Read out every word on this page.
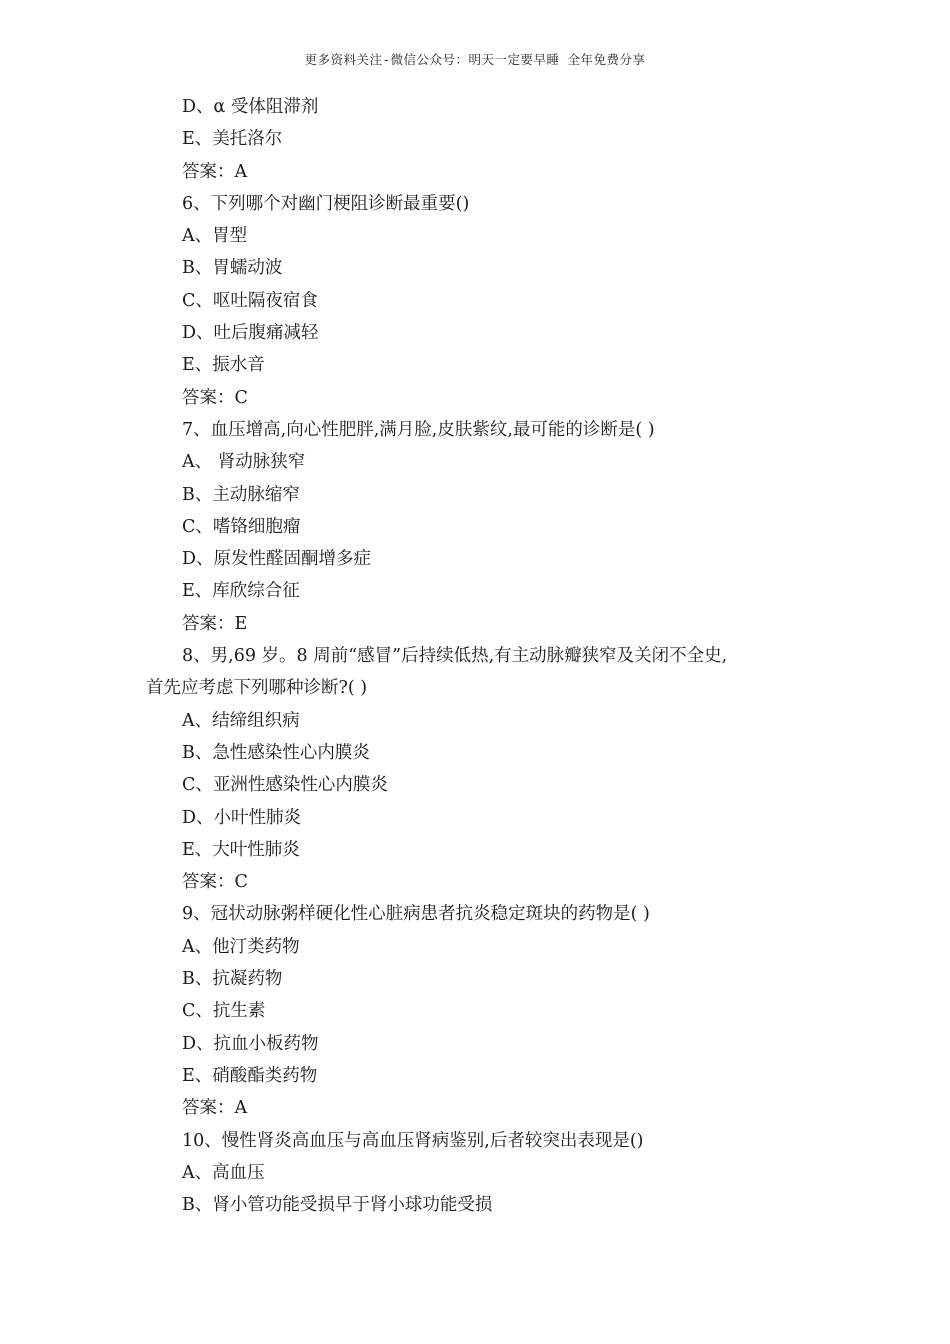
更多资料关注-微信公众号：明天一定要早睡 全年免费分享
D、α 受体阻滞剂
E、美托洛尔
答案：A
6、下列哪个对幽门梗阻诊断最重要()
A、胃型
B、胃蠕动波
C、呕吐隔夜宿食
D、吐后腹痛减轻
E、振水音
答案：C
7、血压增高,向心性肥胖,满月脸,皮肤紫纹,最可能的诊断是( )
A、 肾动脉狭窄
B、主动脉缩窄
C、嗜铬细胞瘤
D、原发性醛固酮增多症
E、库欣综合征
答案：E
8、男,69 岁。8 周前“感冒”后持续低热,有主动脉瓣狭窄及关闭不全史,
首先应考虑下列哪种诊断?( )
A、结缔组织病
B、急性感染性心内膜炎
C、亚洲性感染性心内膜炎
D、小叶性肺炎
E、大叶性肺炎
答案：C
9、冠状动脉粥样硬化性心脏病患者抗炎稳定斑块的药物是( )
A、他汀类药物
B、抗凝药物
C、抗生素
D、抗血小板药物
E、硝酸酯类药物
答案：A
10、慢性肾炎高血压与高血压肾病鉴别,后者较突出表现是()
A、高血压
B、肾小管功能受损早于肾小球功能受损
